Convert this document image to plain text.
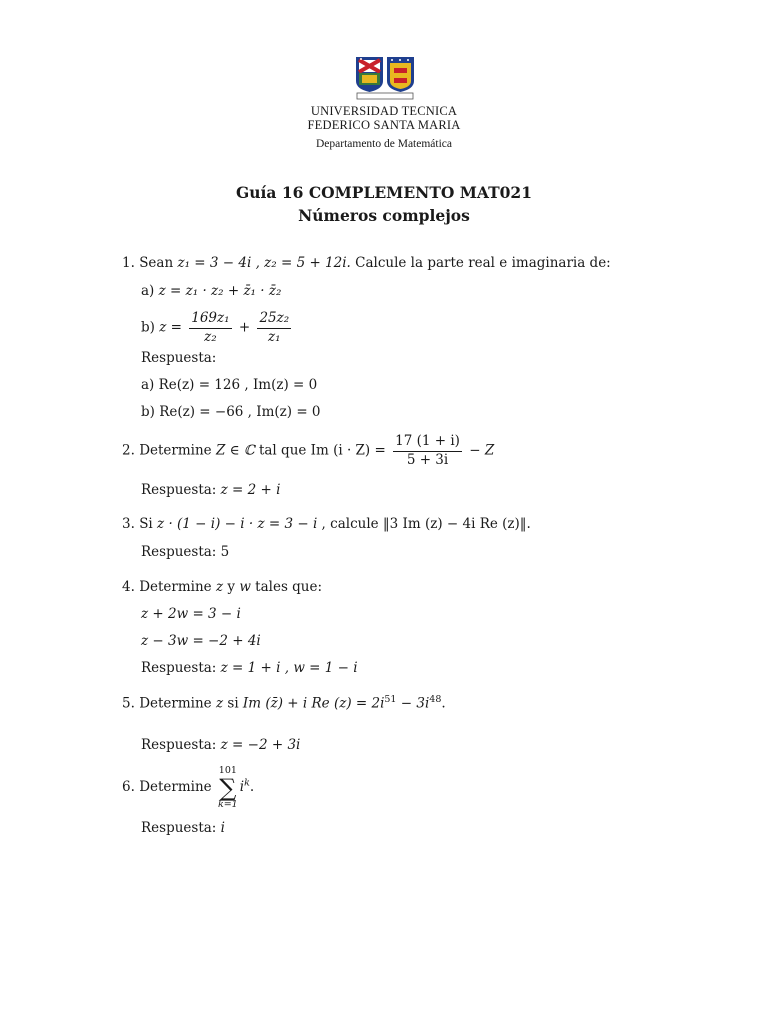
UNIVERSIDAD TECNICA
FEDERICO SANTA MARIA
Departamento de Matemática
Guía 16 COMPLEMENTO MAT021
Números complejos
1. Sean z₁ = 3 − 4i , z₂ = 5 + 12i. Calcule la parte real e imaginaria de:
a) z = z₁ · z₂ + z̄₁ · z̄₂
b) $z = \frac{\text{169z₁}}{\text{z₂}} + \frac{\text{25z₂}}{\text{z₁}}$
Respuesta:
a) Re(z) = 126 , Im(z) = 0
b) Re(z) = −66 , Im(z) = 0
2. Determine Z ∈ ℂ tal que Im $(i \cdot Z) = \frac{17 (1 + i)}{5 + 3i} - Z$
Respuesta: z = 2 + i
3. Si z · (1 − i) − i · z = 3 − i , calcule ‖3 Im (z) − 4i Re (z)‖.
Respuesta: 5
4. Determine z y w tales que:
z + 2w = 3 − i
z − 3w = −2 + 4i
Respuesta: z = 1 + i , w = 1 − i
5. Determine z si Im (z̄) + i Re $(z) = 2i^{51} - 3i^{48}$.
Respuesta: z = −2 + 3i
6. Determine
101
∑
k=1
$i^k$.
Respuesta: i
